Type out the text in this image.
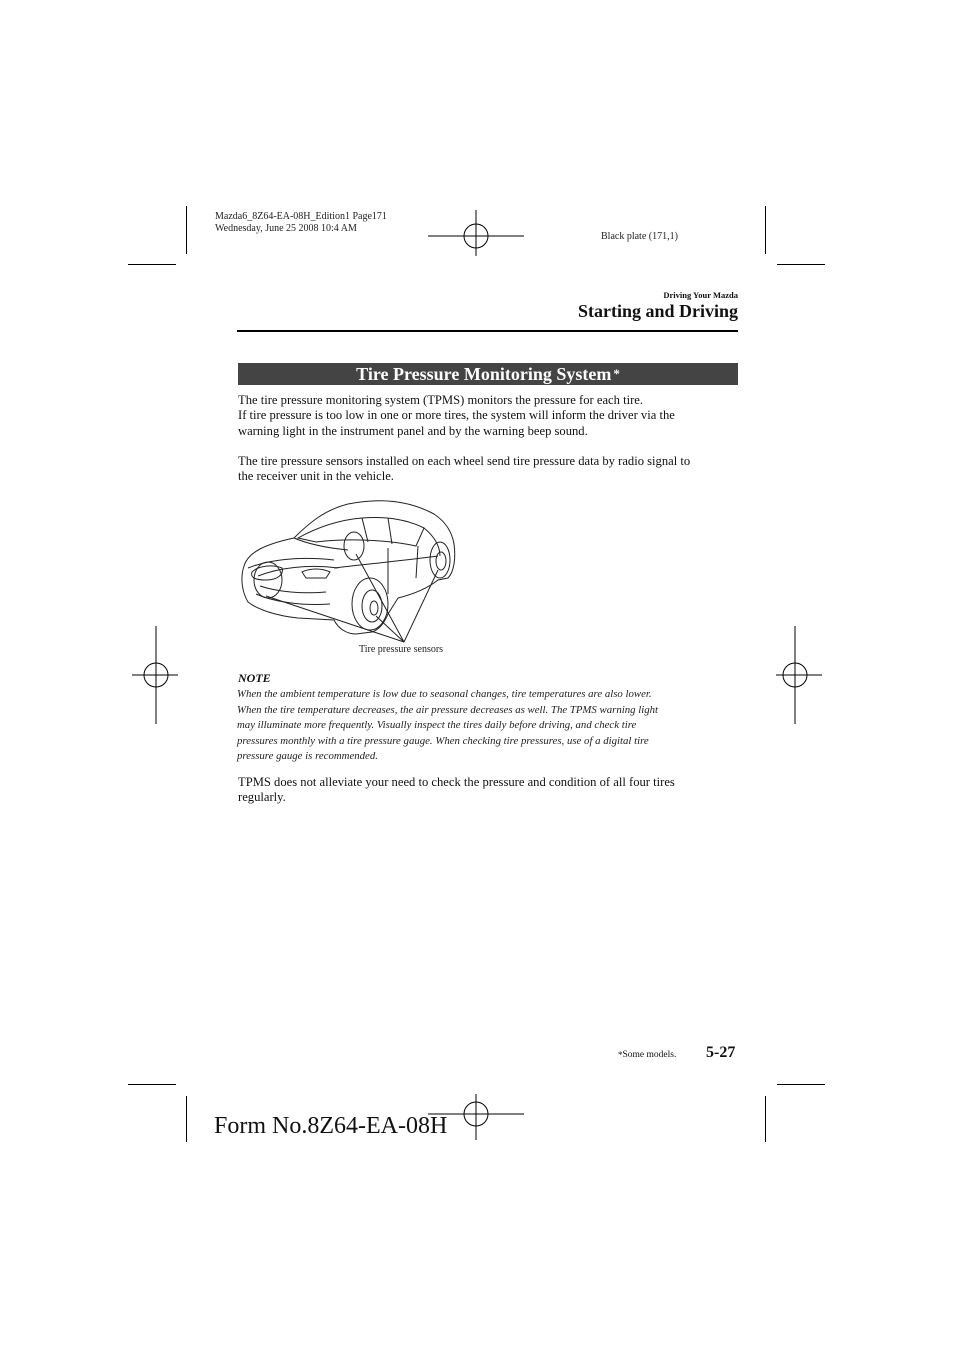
Mazda6_8Z64-EA-08H_Edition1 Page171
Wednesday, June 25 2008 10:4 AM
Black plate (171,1)
Driving Your Mazda
Starting and Driving
Tire Pressure Monitoring System *
The tire pressure monitoring system (TPMS) monitors the pressure for each tire.
If tire pressure is too low in one or more tires, the system will inform the driver via the
warning light in the instrument panel and by the warning beep sound.
The tire pressure sensors installed on each wheel send tire pressure data by radio signal to
the receiver unit in the vehicle.
Tire pressure sensors
NOTE
When the ambient temperature is low due to seasonal changes, tire temperatures are also lower.
When the tire temperature decreases, the air pressure decreases as well. The TPMS warning light
may illuminate more frequently. Visually inspect the tires daily before driving, and check tire
pressures monthly with a tire pressure gauge. When checking tire pressures, use of a digital tire
pressure gauge is recommended.
TPMS does not alleviate your need to check the pressure and condition of all four tires
regularly.
*Some models. 5-27
Form No.8Z64-EA-08H
